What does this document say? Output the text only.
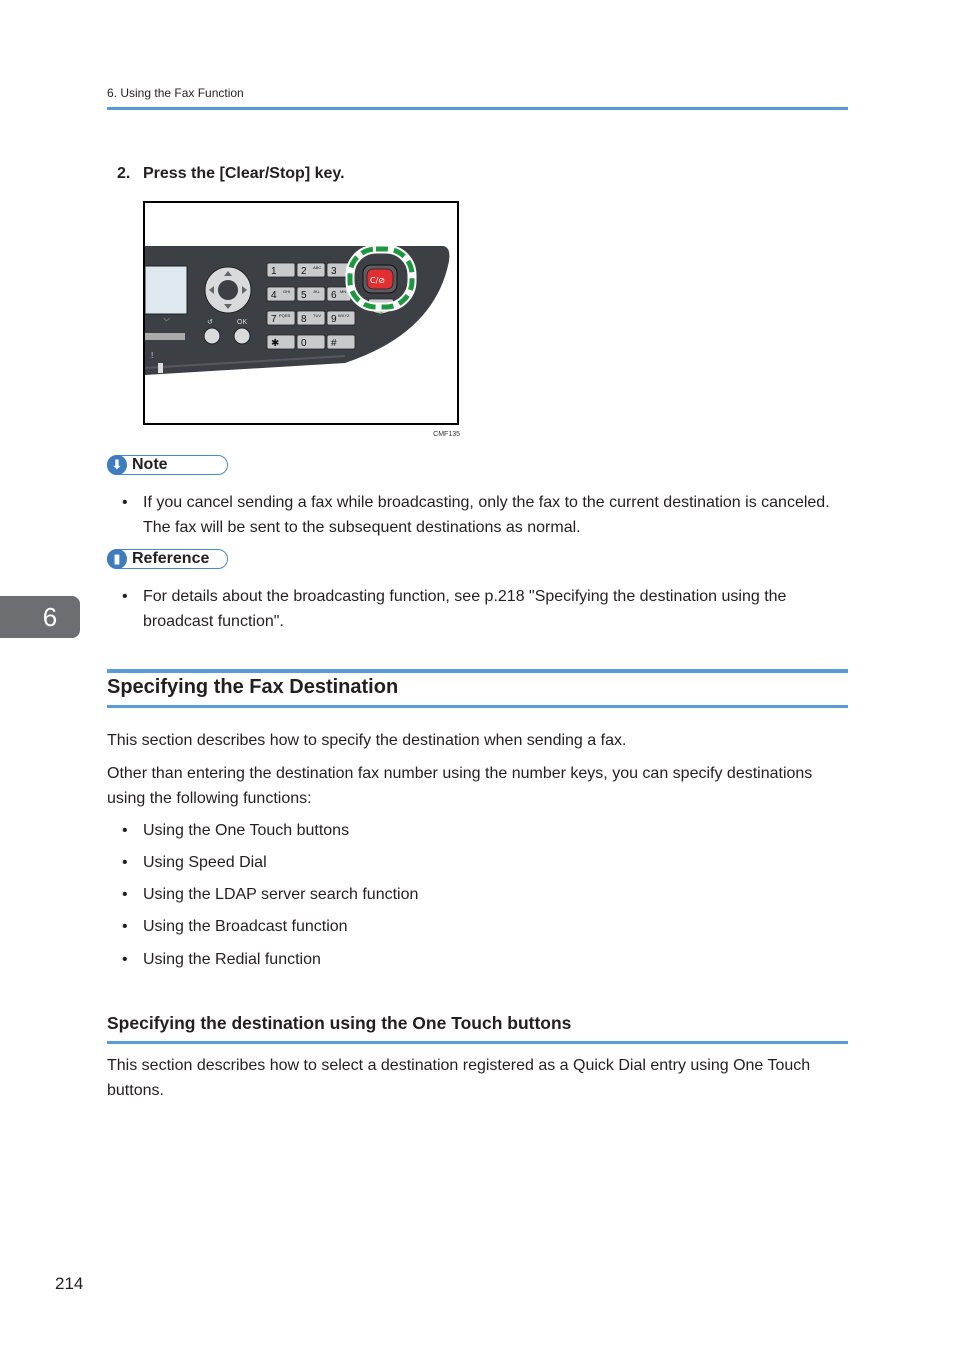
6. Using the Fax Function
2. Press the [Clear/Stop] key.
OK
↺
﹀
!
1 2 ABC 3
4 GHI 5 JKL 6 MN
7 PQRS 8 TUV 9 WXYZ
✱ 0 #
◇
C/⊘
CMF135
⬇ Note
• If you cancel sending a fax while broadcasting, only the fax to the current destination is canceled. The fax will be sent to the subsequent destinations as normal.
▮ Reference
• For details about the broadcasting function, see p.218 "Specifying the destination using the broadcast function".
6
Specifying the Fax Destination
This section describes how to specify the destination when sending a fax.
Other than entering the destination fax number using the number keys, you can specify destinations using the following functions:
• Using the One Touch buttons
• Using Speed Dial
• Using the LDAP server search function
• Using the Broadcast function
• Using the Redial function
Specifying the destination using the One Touch buttons
This section describes how to select a destination registered as a Quick Dial entry using One Touch buttons.
214
